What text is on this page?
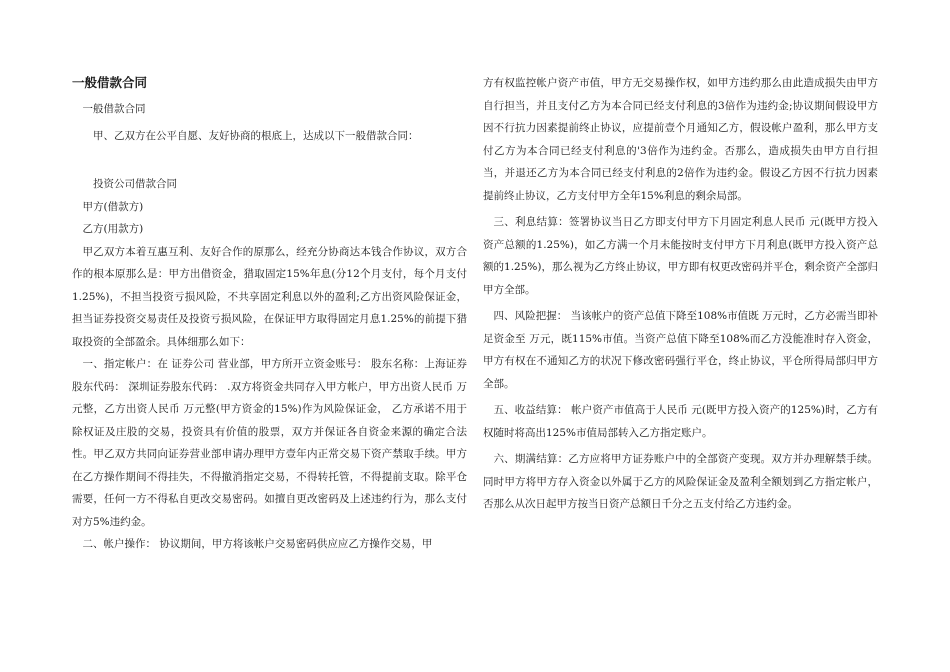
一般借款合同

一般借款合同

甲、乙双方在公平自愿、友好协商的根底上，达成以下一般借款合同：

投资公司借款合同

甲方(借款方)

乙方(用款方)

甲乙双方本着互惠互利、友好合作的原那么，经充分协商达本钱合作协议，双方合作的根本原那么是：甲方出借资金，猎取固定15%年息(分12个月支付，每个月支付1.25%)，不担当投资亏损风险，不共享固定利息以外的盈利;乙方出资风险保证金，担当证券投资交易责任及投资亏损风险，在保证甲方取得固定月息1.25%的前提下猎取投资的全部盈余。具体细那么如下：

一、指定帐户：在 证券公司 营业部，甲方所开立资金账号： 股东名称：上海证券股东代码： 深圳证券股东代码： .双方将资金共同存入甲方帐户，甲方出资人民币 万元整，乙方出资人民币 万元整(甲方资金的15%)作为风险保证金， 乙方承诺不用于除权证及庄股的交易，投资具有价值的股票，双方并保证各自资金来源的确定合法性。甲乙双方共同向证券营业部申请办理甲方壹年内正常交易下资产禁取手续。甲方在乙方操作期间不得挂失，不得撤消指定交易，不得转托管，不得提前支取。除平仓需要，任何一方不得私自更改交易密码。如擅自更改密码及上述违约行为，那么支付对方5%违约金。

二、帐户操作： 协议期间，甲方将该帐户交易密码供应应乙方操作交易，甲

方有权监控帐户资产市值，甲方无交易操作权，如甲方违约那么由此造成损失由甲方自行担当，并且支付乙方为本合同已经支付利息的3倍作为违约金;协议期间假设甲方因不行抗力因素提前终止协议，应提前壹个月通知乙方，假设帐户盈利，那么甲方支付乙方为本合同已经支付利息的'3倍作为违约金。否那么，造成损失由甲方自行担当，并退还乙方为本合同已经支付利息的2倍作为违约金。假设乙方因不行抗力因素提前终止协议，乙方支付甲方全年15%利息的剩余局部。

三、利息结算：签署协议当日乙方即支付甲方下月固定利息人民币 元(既甲方投入资产总额的1.25%)，如乙方满一个月未能按时支付甲方下月利息(既甲方投入资产总额的1.25%)，那么视为乙方终止协议，甲方即有权更改密码并平仓，剩余资产全部归甲方全部。

四、风险把握： 当该帐户的资产总值下降至108%市值既 万元时，乙方必需当即补足资金至 万元，既115%市值。当资产总值下降至108%而乙方没能准时存入资金，甲方有权在不通知乙方的状况下修改密码强行平仓，终止协议，平仓所得局部归甲方全部。

五、收益结算： 帐户资产市值高于人民币 元(既甲方投入资产的125%)时，乙方有权随时将高出125%市值局部转入乙方指定账户。

六、期满结算：乙方应将甲方证券账户中的全部资产变现。双方并办理解禁手续。同时甲方将甲方存入资金以外属于乙方的风险保证金及盈利全额划到乙方指定帐户，否那么从次日起甲方按当日资产总额日千分之五支付给乙方违约金。
